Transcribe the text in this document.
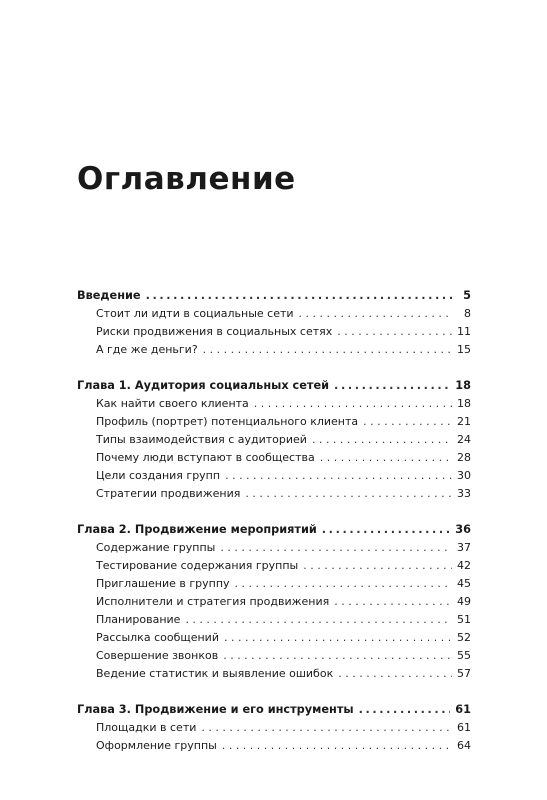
Оглавление
Введение .....	5
Стоит ли идти в социальные сети . . .	8
Риски продвижения в социальных сетях . . .	11
А где же деньги? . . .	15
Глава 1. Аудитория социальных сетей .....	18
Как найти своего клиента . . .	18
Профиль (портрет) потенциального клиента . . .	21
Типы взаимодействия с аудиторией . . .	24
Почему люди вступают в сообщества . . .	28
Цели создания групп . . .	30
Стратегии продвижения . . .	33
Глава 2. Продвижение мероприятий .....	36
Содержание группы . . .	37
Тестирование содержания группы . . .	42
Приглашение в группу . . .	45
Исполнители и стратегия продвижения . . .	49
Планирование . . .	51
Рассылка сообщений . . .	52
Совершение звонков . . .	55
Ведение статистик и выявление ошибок . . .	57
Глава 3. Продвижение и его инструменты .....	61
Площадки в сети . . .	61
Оформление группы . . .	64
